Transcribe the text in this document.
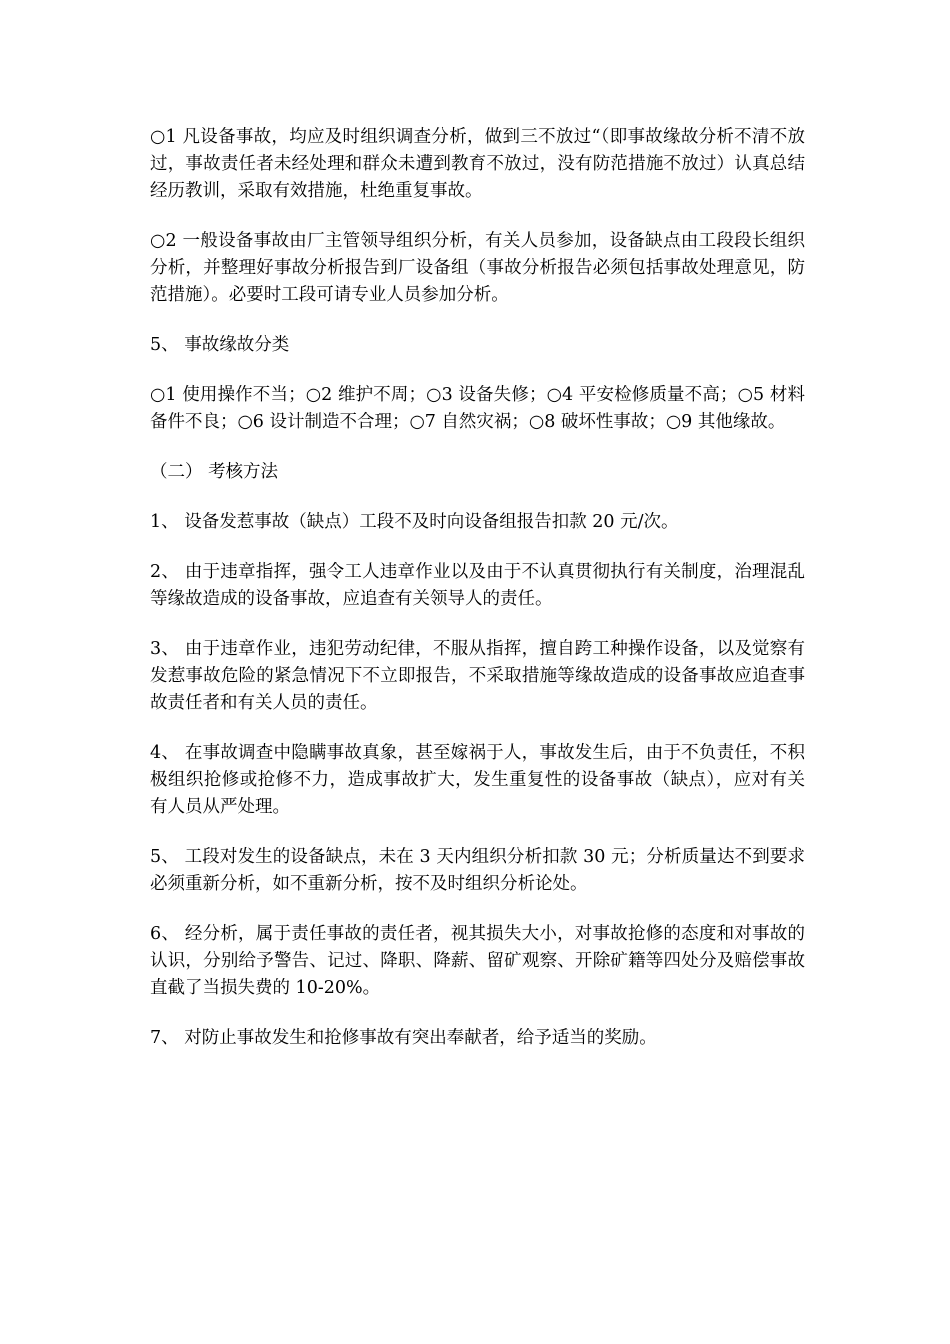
○1 凡设备事故，均应及时组织调查分析，做到三不放过“（即事故缘故分析不清不放过，事故责任者未经处理和群众未遭到教育不放过，没有防范措施不放过）认真总结经历教训，采取有效措施，杜绝重复事故。

○2 一般设备事故由厂主管领导组织分析，有关人员参加，设备缺点由工段段长组织分析，并整理好事故分析报告到厂设备组（事故分析报告必须包括事故处理意见，防范措施）。必要时工段可请专业人员参加分析。

5、 事故缘故分类

○1 使用操作不当；○2 维护不周；○3 设备失修；○4 平安检修质量不高；○5 材料备件不良；○6 设计制造不合理；○7 自然灾祸；○8 破坏性事故；○9 其他缘故。

（二） 考核方法

1、 设备发惹事故（缺点）工段不及时向设备组报告扣款 20 元/次。

2、 由于违章指挥，强令工人违章作业以及由于不认真贯彻执行有关制度，治理混乱等缘故造成的设备事故，应追查有关领导人的责任。

3、 由于违章作业，违犯劳动纪律，不服从指挥，擅自跨工种操作设备，以及觉察有发惹事故危险的紧急情况下不立即报告，不采取措施等缘故造成的设备事故应追查事故责任者和有关人员的责任。

4、 在事故调查中隐瞒事故真象，甚至嫁祸于人，事故发生后，由于不负责任，不积极组织抢修或抢修不力，造成事故扩大，发生重复性的设备事故（缺点），应对有关有人员从严处理。

5、 工段对发生的设备缺点，未在 3 天内组织分析扣款 30 元；分析质量达不到要求必须重新分析，如不重新分析，按不及时组织分析论处。

6、 经分析，属于责任事故的责任者，视其损失大小，对事故抢修的态度和对事故的认识，分别给予警告、记过、降职、降薪、留矿观察、开除矿籍等四处分及赔偿事故直截了当损失费的 10-20%。

7、 对防止事故发生和抢修事故有突出奉献者，给予适当的奖励。
